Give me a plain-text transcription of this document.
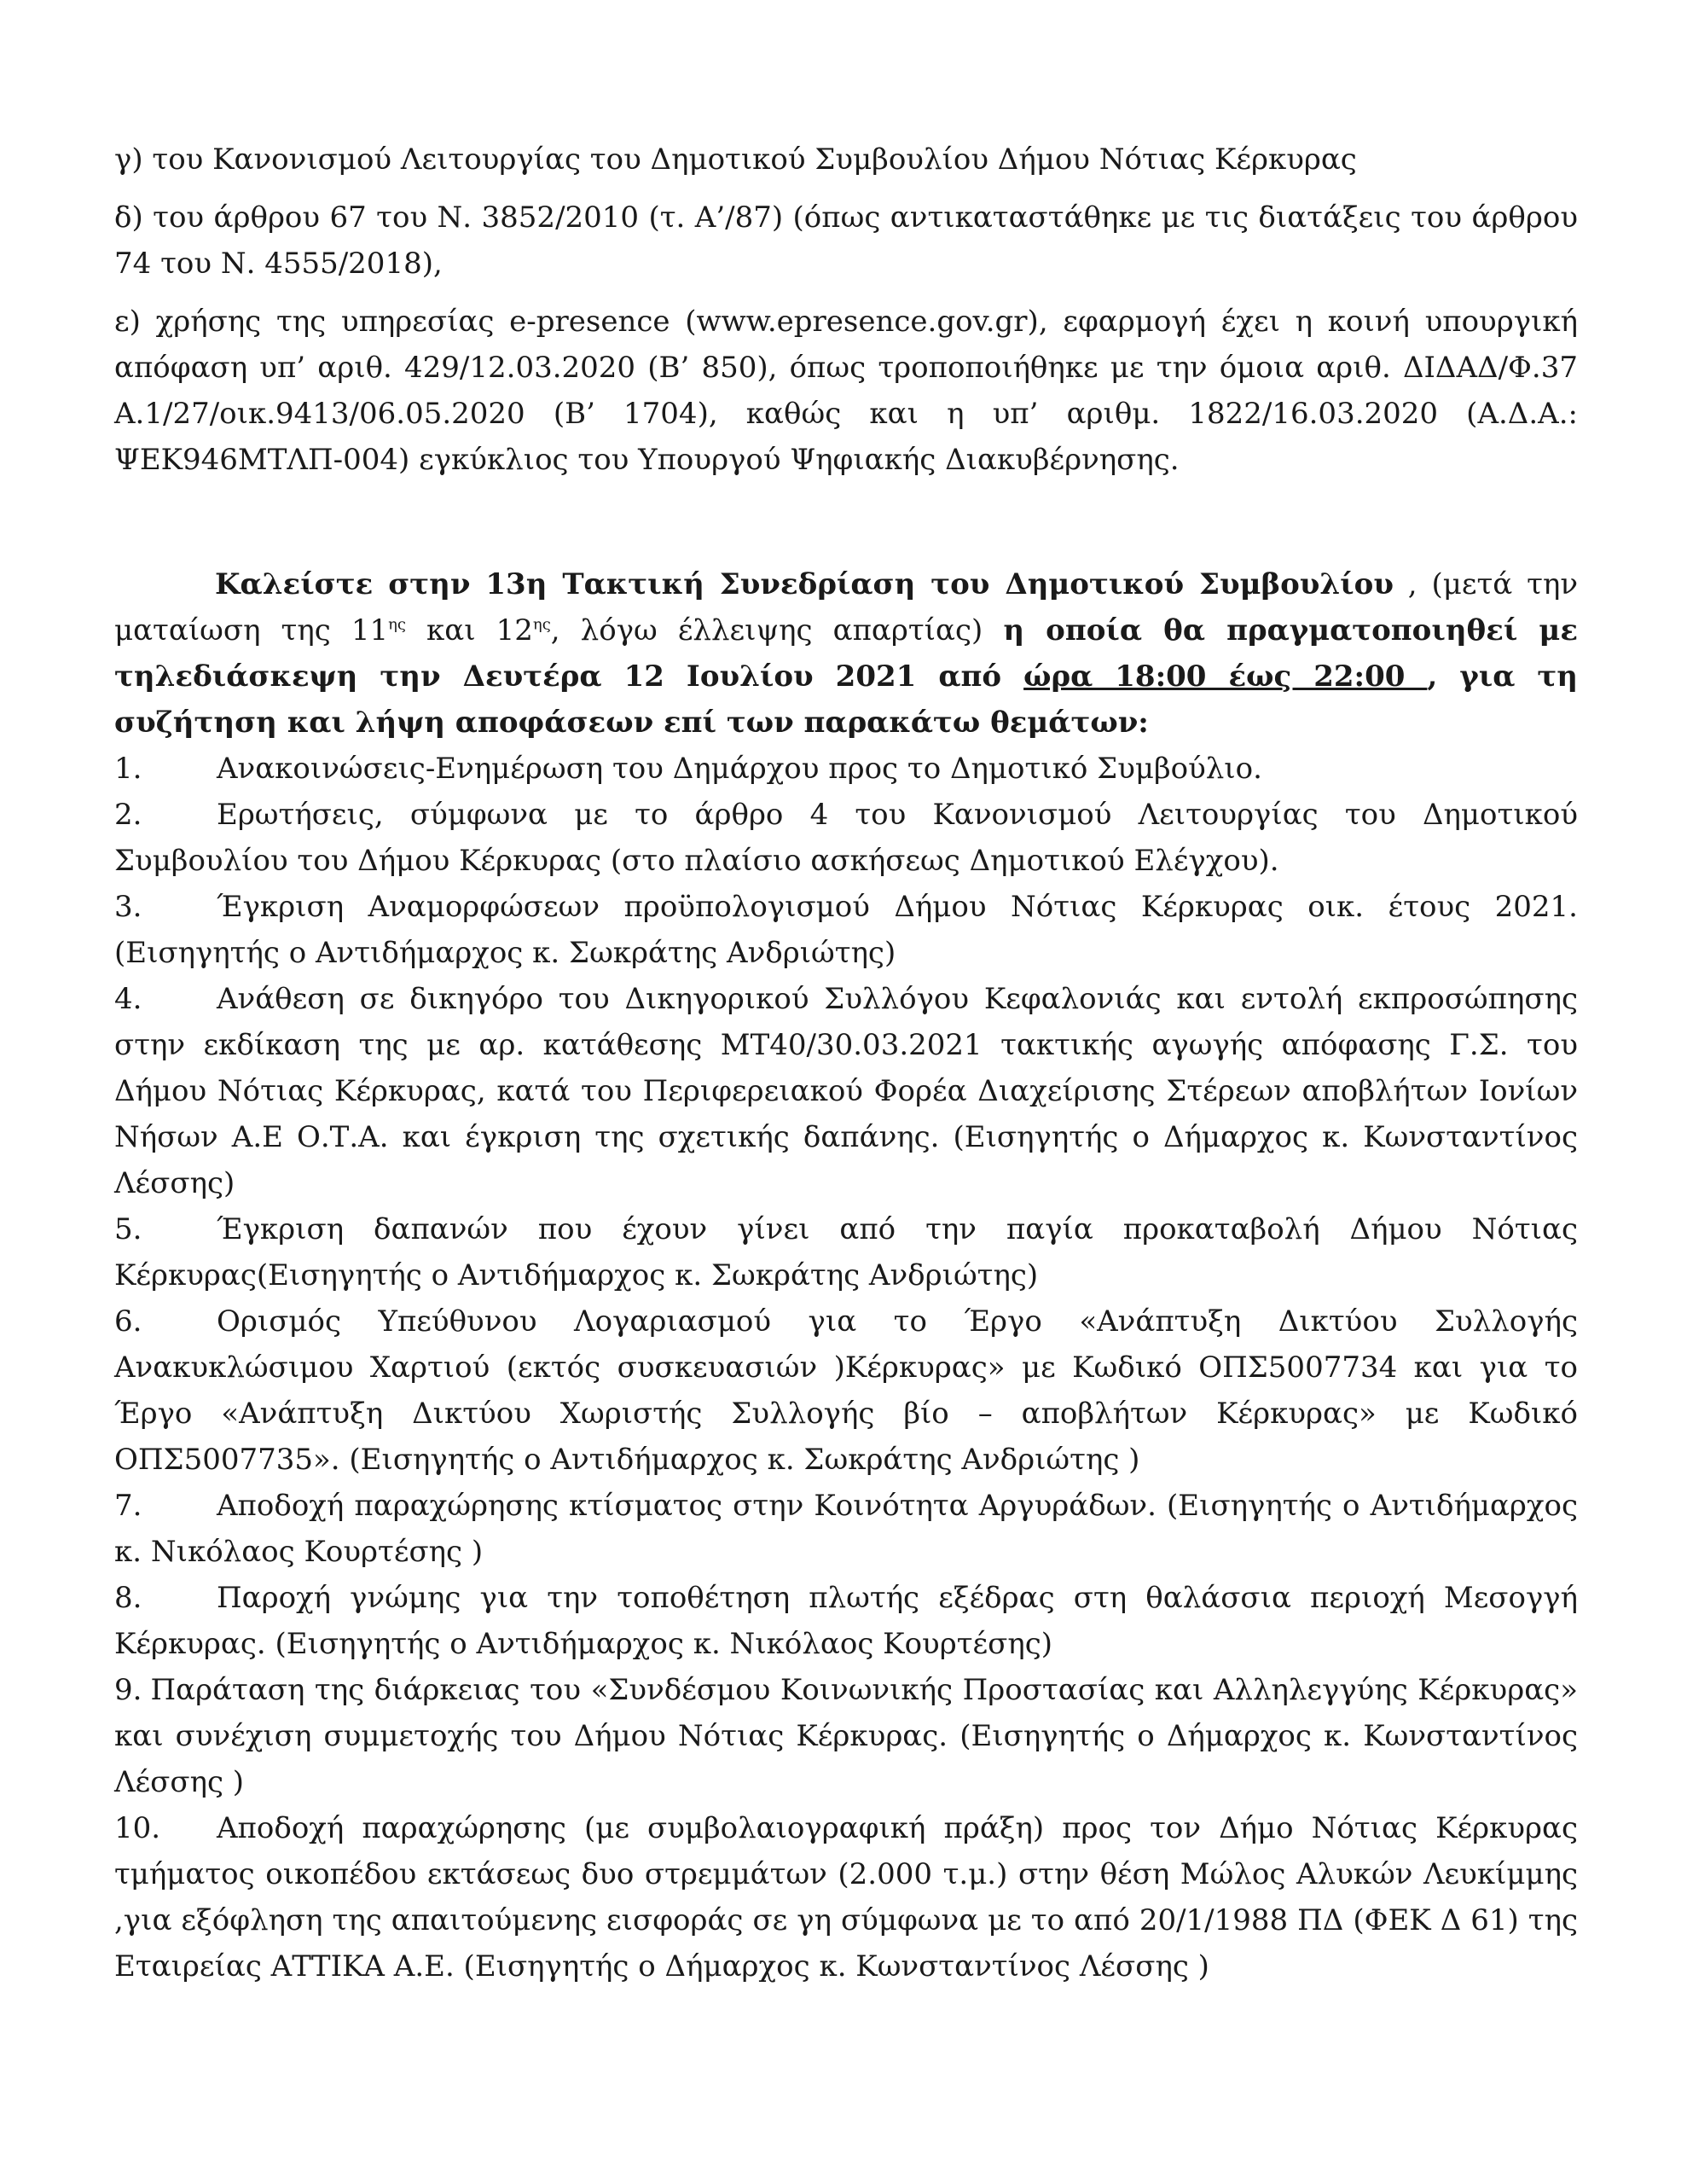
γ) του Κανονισμού Λειτουργίας του Δημοτικού Συμβουλίου Δήμου Νότιας Κέρκυρας

δ) του άρθρου 67 του Ν. 3852/2010 (τ. Α’/87) (όπως αντικαταστάθηκε με τις διατάξεις του άρθρου 74 του Ν. 4555/2018),

ε) χρήσης της υπηρεσίας e-presence (www.epresence.gov.gr), εφαρμογή έχει η κοινή υπουργική απόφαση υπ’ αριθ. 429/12.03.2020 (Β’ 850), όπως τροποποιήθηκε με την όμοια αριθ. ΔΙΔΑΔ/Φ.37 Α.1/27/οικ.9413/06.05.2020 (Β’ 1704), καθώς και η υπ’ αριθμ. 1822/16.03.2020 (Α.Δ.Α.: ΨΕΚ946ΜΤΛΠ-004) εγκύκλιος του Υπουργού Ψηφιακής Διακυβέρνησης.

Καλείστε στην 13η Τακτική Συνεδρίαση του Δημοτικού Συμβουλίου , (μετά την ματαίωση της $11^{\eta\varsigma}$ και $12^{\eta\varsigma}$, λόγω έλλειψης απαρτίας) η οποία θα πραγματοποιηθεί με τηλεδιάσκεψη την Δευτέρα 12 Ιουλίου 2021 από ώρα 18:00 έως 22:00 , για τη συζήτηση και λήψη αποφάσεων επί των παρακάτω θεμάτων:

1.	Ανακοινώσεις-Ενημέρωση του Δημάρχου προς το Δημοτικό Συμβούλιο.
2.	Ερωτήσεις, σύμφωνα με το άρθρο 4 του Κανονισμού Λειτουργίας του Δημοτικού Συμβουλίου του Δήμου Κέρκυρας (στο πλαίσιο ασκήσεως Δημοτικού Ελέγχου).
3.	Έγκριση Αναμορφώσεων προϋπολογισμού Δήμου Νότιας Κέρκυρας οικ. έτους 2021. (Εισηγητής ο Αντιδήμαρχος κ. Σωκράτης Ανδριώτης)
4.	Ανάθεση σε δικηγόρο του Δικηγορικού Συλλόγου Κεφαλονιάς και εντολή εκπροσώπησης στην εκδίκαση της με αρ. κατάθεσης ΜΤ40/30.03.2021 τακτικής αγωγής απόφασης Γ.Σ. του Δήμου Νότιας Κέρκυρας, κατά του Περιφερειακού Φορέα Διαχείρισης Στέρεων αποβλήτων Ιονίων Νήσων Α.Ε Ο.Τ.Α. και έγκριση της σχετικής δαπάνης. (Εισηγητής ο Δήμαρχος κ. Κωνσταντίνος Λέσσης)
5.	Έγκριση δαπανών που έχουν γίνει από την παγία προκαταβολή Δήμου Νότιας Κέρκυρας(Εισηγητής ο Αντιδήμαρχος κ. Σωκράτης Ανδριώτης)
6.	Ορισμός Υπεύθυνου Λογαριασμού για το Έργο «Ανάπτυξη Δικτύου Συλλογής Ανακυκλώσιμου Χαρτιού (εκτός συσκευασιών )Κέρκυρας» με Κωδικό ΟΠΣ5007734 και για το Έργο «Ανάπτυξη Δικτύου Χωριστής Συλλογής βίο – αποβλήτων Κέρκυρας» με Κωδικό ΟΠΣ5007735». (Εισηγητής ο Αντιδήμαρχος κ. Σωκράτης Ανδριώτης )
7.	Αποδοχή παραχώρησης κτίσματος στην Κοινότητα Αργυράδων. (Εισηγητής ο Αντιδήμαρχος κ. Νικόλαος Κουρτέσης )
8.	Παροχή γνώμης για την τοποθέτηση πλωτής εξέδρας στη θαλάσσια περιοχή Μεσογγή Κέρκυρας. (Εισηγητής ο Αντιδήμαρχος κ. Νικόλαος Κουρτέσης)
9. Παράταση της διάρκειας του «Συνδέσμου Κοινωνικής Προστασίας και Αλληλεγγύης Κέρκυρας» και συνέχιση συμμετοχής του Δήμου Νότιας Κέρκυρας. (Εισηγητής ο Δήμαρχος κ. Κωνσταντίνος Λέσσης )
10. Αποδοχή παραχώρησης (με συμβολαιογραφική πράξη) προς τον Δήμο Νότιας Κέρκυρας τμήματος οικοπέδου εκτάσεως δυο στρεμμάτων (2.000 τ.μ.) στην θέση Μώλος Αλυκών Λευκίμμης ,για εξόφληση της απαιτούμενης εισφοράς σε γη σύμφωνα με το από 20/1/1988 ΠΔ (ΦΕΚ Δ 61) της Εταιρείας ΑΤΤΙΚΑ Α.Ε. (Εισηγητής ο Δήμαρχος κ. Κωνσταντίνος Λέσσης )
